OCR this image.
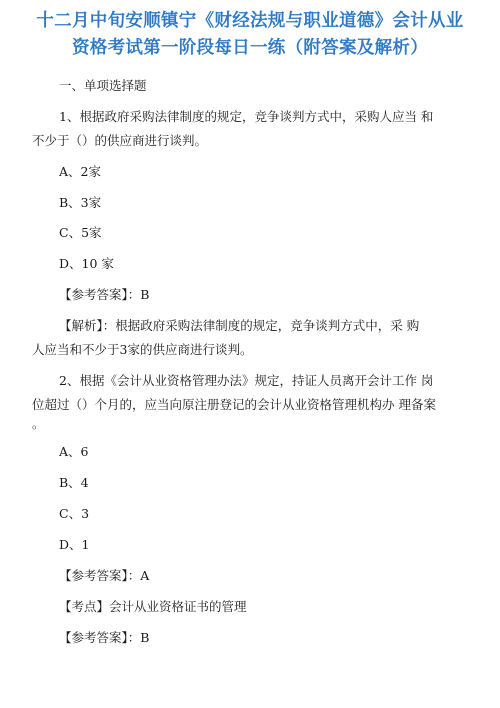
十二月中旬安顺镇宁《财经法规与职业道德》会计从业
资格考试第一阶段每日一练（附答案及解析）
一、单项选择题
1、根据政府采购法律制度的规定，竞争谈判方式中，采购人应当 和
不少于（）的供应商进行谈判。
A、2家
B、3家
C、5家
D、10 家
【参考答案】：B
【解析】：根据政府采购法律制度的规定，竞争谈判方式中，采 购
人应当和不少于3家的供应商进行谈判。
2、根据《会计从业资格管理办法》规定，持证人员离开会计工作 岗
位超过（）个月的，应当向原注册登记的会计从业资格管理机构办 理备案
。
A、6
B、4
C、3
D、1
【参考答案】：A
【考点】会计从业资格证书的管理
【参考答案】：B
